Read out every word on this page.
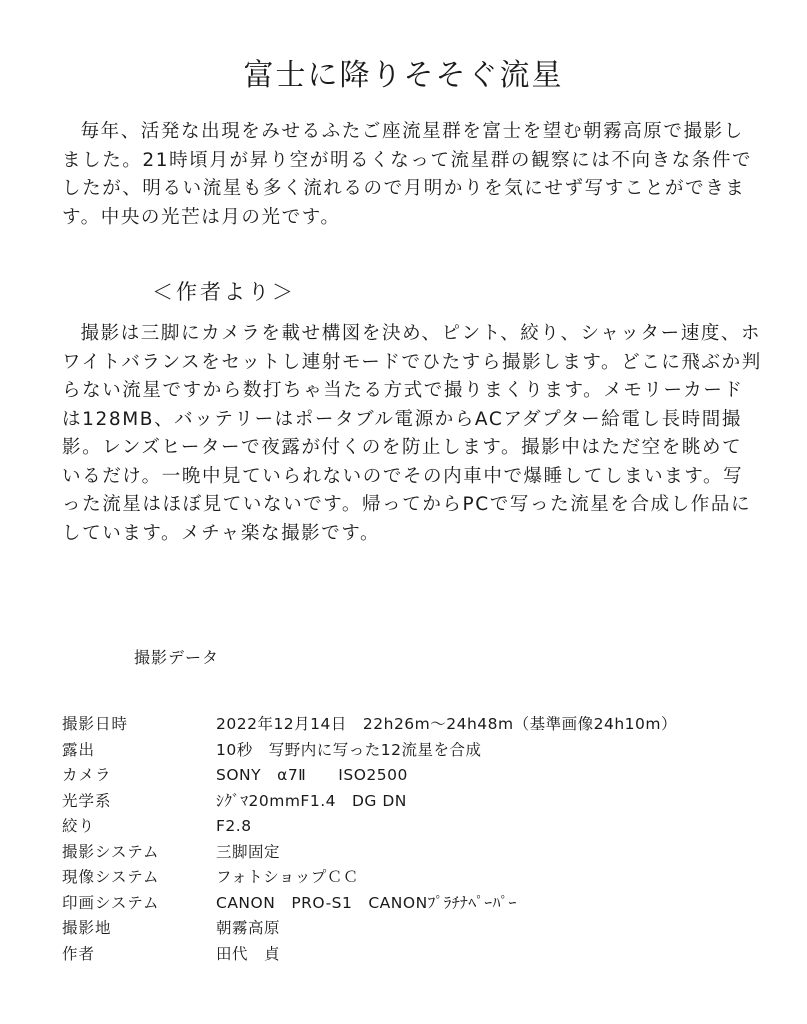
富士に降りそそぐ流星

毎年、活発な出現をみせるふたご座流星群を富士を望む朝霧高原で撮影しました。21時頃月が昇り空が明るくなって流星群の観察には不向きな条件でしたが、明るい流星も多く流れるので月明かりを気にせず写すことができます。中央の光芒は月の光です。

＜作者より＞

撮影は三脚にカメラを載せ構図を決め、ピント、絞り、シャッター速度、ホワイトバランスをセットし連射モードでひたすら撮影します。どこに飛ぶか判らない流星ですから数打ちゃ当たる方式で撮りまくります。メモリーカードは128MB、バッテリーはポータブル電源からACアダプター給電し長時間撮影。レンズヒーターで夜露が付くのを防止します。撮影中はただ空を眺めているだけ。一晩中見ていられないのでその内車中で爆睡してしまいます。写った流星はほぼ見ていないです。帰ってからPCで写った流星を合成し作品にしています。メチャ楽な撮影です。

撮影データ
撮影日時	2022年12月14日　22h26m～24h48m（基準画像24h10m）
露出	10秒　写野内に写った12流星を合成
カメラ	SONY　α7Ⅱ　　ISO2500
光学系	ｼｸﾞﾏ20mmF1.4　DG DN
絞り	F2.8
撮影システム	三脚固定
現像システム	フォトショップＣＣ
印画システム	CANON　PRO-S1　CANONﾌﾟﾗﾁﾅﾍﾟｰﾊﾟｰ
撮影地	朝霧高原
作者	田代　貞
